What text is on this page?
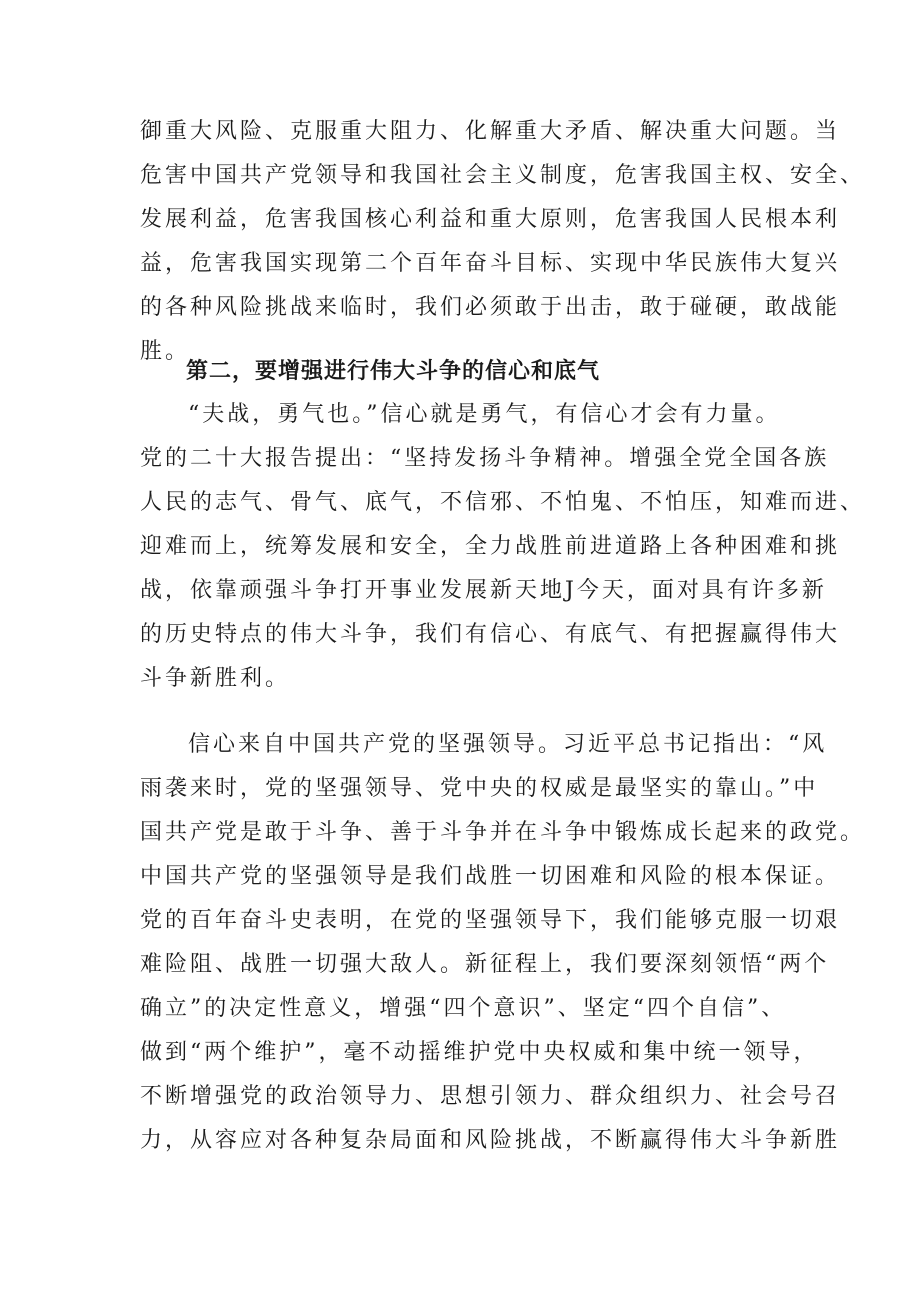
御重大风险、克服重大阻力、化解重大矛盾、解决重大问题。当
危害中国共产党领导和我国社会主义制度，危害我国主权、安全、
发展利益，危害我国核心利益和重大原则，危害我国人民根本利
益，危害我国实现第二个百年奋斗目标、实现中华民族伟大复兴
的各种风险挑战来临时，我们必须敢于出击，敢于碰硬，敢战能
胜。
第二，要增强进行伟大斗争的信心和底气
“夫战，勇气也。”信心就是勇气，有信心才会有力量。
党的二十大报告提出：“坚持发扬斗争精神。增强全党全国各族
人民的志气、骨气、底气，不信邪、不怕鬼、不怕压，知难而进、
迎难而上，统筹发展和安全，全力战胜前进道路上各种困难和挑
战，依靠顽强斗争打开事业发展新天地J今天，面对具有许多新
的历史特点的伟大斗争，我们有信心、有底气、有把握赢得伟大
斗争新胜利。
信心来自中国共产党的坚强领导。习近平总书记指出：“风
雨袭来时，党的坚强领导、党中央的权威是最坚实的靠山。”中
国共产党是敢于斗争、善于斗争并在斗争中锻炼成长起来的政党。
中国共产党的坚强领导是我们战胜一切困难和风险的根本保证。
党的百年奋斗史表明，在党的坚强领导下，我们能够克服一切艰
难险阻、战胜一切强大敌人。新征程上，我们要深刻领悟“两个
确立”的决定性意义，增强“四个意识”、坚定“四个自信”、
做到“两个维护”，毫不动摇维护党中央权威和集中统一领导，
不断增强党的政治领导力、思想引领力、群众组织力、社会号召
力，从容应对各种复杂局面和风险挑战，不断赢得伟大斗争新胜
